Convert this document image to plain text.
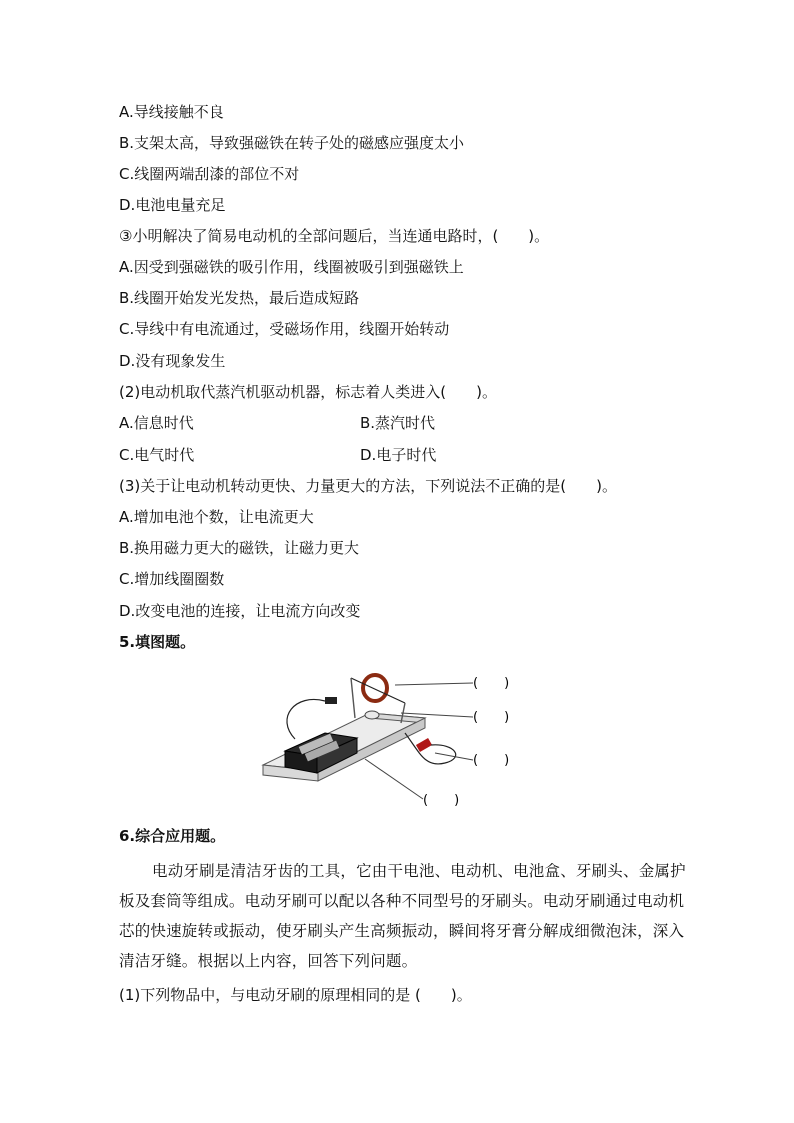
A.导线接触不良
B.支架太高，导致强磁铁在转子处的磁感应强度太小
C.线圈两端刮漆的部位不对
D.电池电量充足
③小明解决了简易电动机的全部问题后，当连通电路时，(　　)。
A.因受到强磁铁的吸引作用，线圈被吸引到强磁铁上
B.线圈开始发光发热，最后造成短路
C.导线中有电流通过，受磁场作用，线圈开始转动
D.没有现象发生
(2)电动机取代蒸汽机驱动机器，标志着人类进入(　　)。
A.信息时代	B.蒸汽时代
C.电气时代	D.电子时代
(3)关于让电动机转动更快、力量更大的方法，下列说法不正确的是(　　)。
A.增加电池个数，让电流更大
B.换用磁力更大的磁铁，让磁力更大
C.增加线圈圈数
D.改变电池的连接，让电流方向改变
5.填图题。
(　　)
(　　)
(　　)
(　　)
6.综合应用题。
电动牙刷是清洁牙齿的工具，它由干电池、电动机、电池盒、牙刷头、金属护板及套筒等组成。电动牙刷可以配以各种不同型号的牙刷头。电动牙刷通过电动机芯的快速旋转或振动，使牙刷头产生高频振动，瞬间将牙膏分解成细微泡沫，深入清洁牙缝。根据以上内容，回答下列问题。
(1)下列物品中，与电动牙刷的原理相同的是 (　　)。
